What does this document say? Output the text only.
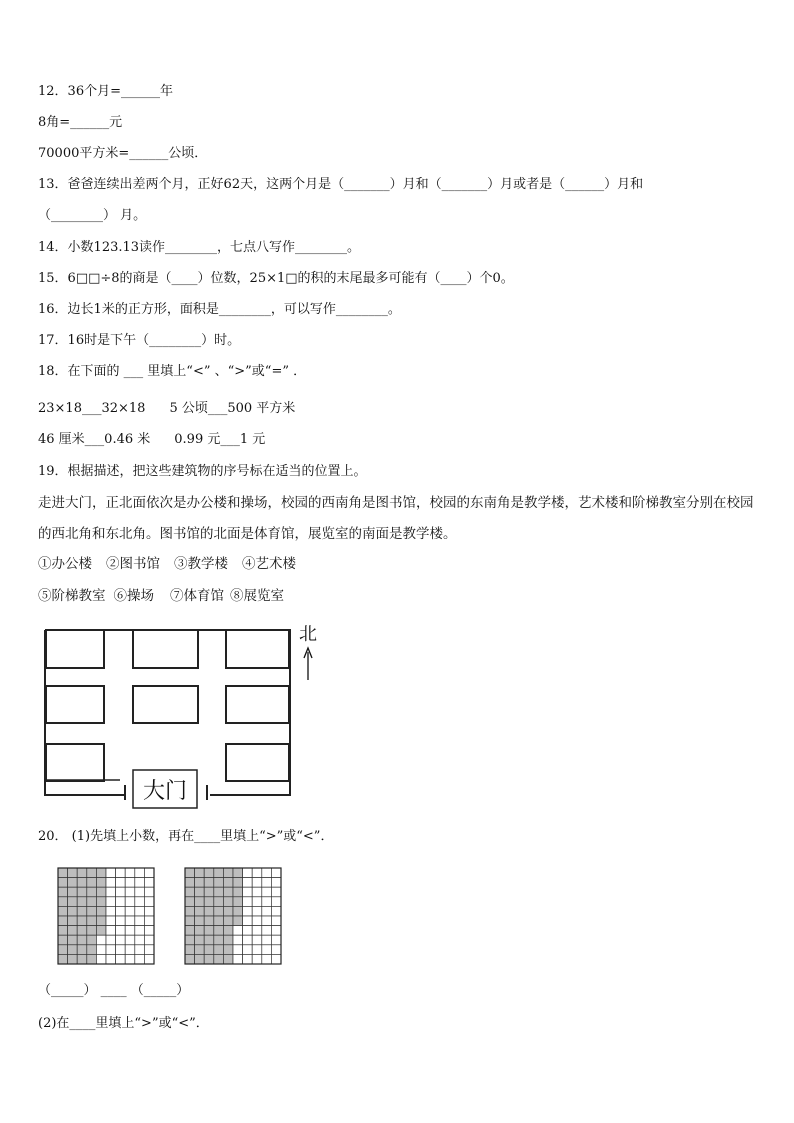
12．36个月=______年
8角=______元
70000平方米=______公顷．
13．爸爸连续出差两个月，正好62天，这两个月是（_______）月和（_______）月或者是（______）月和
（________） 月。
14．小数123.13读作________，七点八写作________。
15．6□□÷8的商是（____）位数，25×1□的积的末尾最多可能有（____）个0。
16．边长1米的正方形，面积是________，可以写作________。
17．16时是下午（________）时。
18．在下面的 ___ 里填上“<” 、“>”或“=” ．
23×18___32×18 5 公顷___500 平方米
46 厘米___0.46 米 0.99 元___1 元
19．根据描述，把这些建筑物的序号标在适当的位置上。
走进大门，正北面依次是办公楼和操场，校园的西南角是图书馆，校园的东南角是教学楼，艺术楼和阶梯教室分别在校园的西北角和东北角。图书馆的北面是体育馆，展览室的南面是教学楼。
①办公楼 ②图书馆 ③教学楼 ④艺术楼
⑤阶梯教室 ⑥操场 ⑦体育馆 ⑧展览室
大门
北
20． (1)先填上小数，再在____里填上“>”或“<”．
（_____） ____ （_____）
(2)在____里填上“>”或“<”．
